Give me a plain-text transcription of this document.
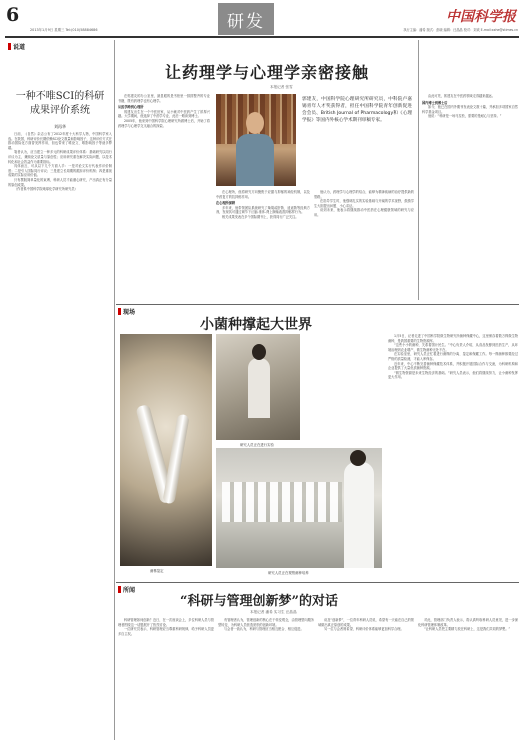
6
2013年1月9日 星期三 Tel:(010)58884686	研发	中国科学报
执行主编：潘希 版式：彭晓 编辑：汪晶晶 校对：刘欢 E-mail:xxhe@stimes.cn
说道
一种不唯SCI的科研成果评价系统
刘再华

日前，《自然》杂志公布了2012年度十大科学人物，中国科学家入选。在我国，科研评价长期依赖SCI论文数量和影响因子，这种评价方式在推动国际化方面曾发挥作用，但也带来了唯论文、唯影响因子等诸多弊端。

笔者认为，应当建立一种多元的科研成果评价体系：基础研究以同行评议为主，兼顾论文质量与原创性；应用研究重在解决实际问题，以技术转化和社会效益作为重要指标。

具体而言，可从以下几个方面入手：一是对论文实行代表作评价制度；二是引入国际同行评议；三是建立长周期的跟踪评价机制；四是重视成果的实际应用价值。

只有摆脱简单量化的束缚，科研人员才能潜心研究，产出真正有分量的原创成果。

（作者系中国科学院地球化学研究所研究员）

让药理学与心理学亲密接触
本报记者 张雪

在郭建友的办公室里，最显眼的是书柜里一排排整齐的专业书籍，既有药理学也有心理学。

从医学跨到心理所

郭建友出生在一个中医世家，从小就对中医药产生了浓厚兴趣。大学期间，他选择了中药学专业，此后一路读到博士。

2005年，他来到中国科学院心理研究所做博士后，开始了将药理学与心理学交叉融合的探索。

郭建友，中国科学院心理研究所研究员，中科院卢嘉锡青年人才奖获得者，担任中国科学院青年创新促进会会员、British Journal of Pharmacology和《心理学报》等国内外核心学术期刊审稿专家。

在心理所，他将研究方向聚焦于应激与抑郁的神经机制，以及中药复方的抗抑郁作用。

在心理所深耕

多年来，他带领团队系统研究了柴胡疏肝散、逍遥散等经典方剂，发现其可通过调节下丘脑-垂体-肾上腺轴改善抑郁样行为。

相关成果发表在多个国际期刊上，获得同行广泛关注。

他认为，药理学与心理学的结合，能够为精神疾病的治疗提供新的思路。

在指导学生时，他强调扎实的实验基础与开阔的学术视野，鼓励学生大胆提出问题、小心求证。

谈到未来，他表示将继续推动中医药在心理健康领域的研究与应用。

由此可见，郭建友在中医药领域走得越来越远。

国内博士到博士后

如今，他已在国内外期刊发表论文数十篇，并承担多项国家自然科学基金项目。

他说：“科研是一场马拉松，需要的是耐心与坚持。”

现场
小菌种撑起大世界
菌株鉴定
研究人员正在进行实验
研究人员正在观察菌种培养

1月5日，记者走进了中国科学院微生物研究所菌种保藏中心，这里保存着数万株微生物菌种，是我国重要的生物资源库。

“这些小小的菌种，关系着国计民生。”中心负责人介绍，从食品发酵到医药生产，从环境治理到农业增产，微生物菌种无处不在。

在实验室里，研究人员正忙着进行菌株的分离、鉴定和保藏工作。每一株菌种都要经过严格的质量检测，才能入库保存。

近年来，中心不断完善菌种保藏技术体系，并积极开展国际合作与交流，为科研机构和企业提供了大量优质菌种资源。

“微生物资源是未来生物经济的基础。”研究人员表示，他们将继续努力，让小菌种发挥更大作用。

所闻
“科研与管理创新梦”的对话
本报记者 潘希 实习生 汪晶晶

科研管理如何创新？近日，在一次座谈会上，多位科研人员与管理者围绕这一话题展开了热烈讨论。

一位研究员表示，科研管理应当尊重科研规律，给予科研人员更多自主权。

有管理者认为，管理创新的核心在于转变观念，由管理型向服务型转变，为科研人员营造宽松的创新环境。

与会者一致认为，科研与管理应当相互配合、相互促进。

谈及“创新梦”，一位青年科研人员说，希望有一天能在自己的领域做出真正原创的成果。

另一位与会者则希望，科研评价体系能够更加科学合理。

对此，管理部门负责人表示，将认真听取科研人员意见，进一步深化科研管理体制改革。

“让科研人员把主要精力放在科研上，这是我们共同的梦想。”
